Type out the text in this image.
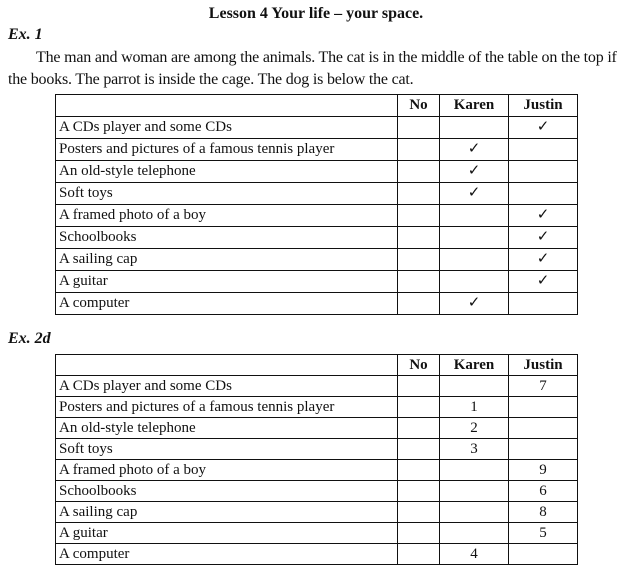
Lesson 4 Your life – your space.
Ex. 1
The man and woman are among the animals. The cat is in the middle of the table on the top if the books. The parrot is inside the cage. The dog is below the cat.
	No	Karen	Justin
A CDs player and some CDs			✓
Posters and pictures of a famous tennis player		✓	
An old-style telephone		✓	
Soft toys		✓	
A framed photo of a boy			✓
Schoolbooks			✓
A sailing cap			✓
A guitar			✓
A computer		✓	
Ex. 2d
	No	Karen	Justin
A CDs player and some CDs			7
Posters and pictures of a famous tennis player		1	
An old-style telephone		2	
Soft toys		3	
A framed photo of a boy			9
Schoolbooks			6
A sailing cap			8
A guitar			5
A computer		4	
